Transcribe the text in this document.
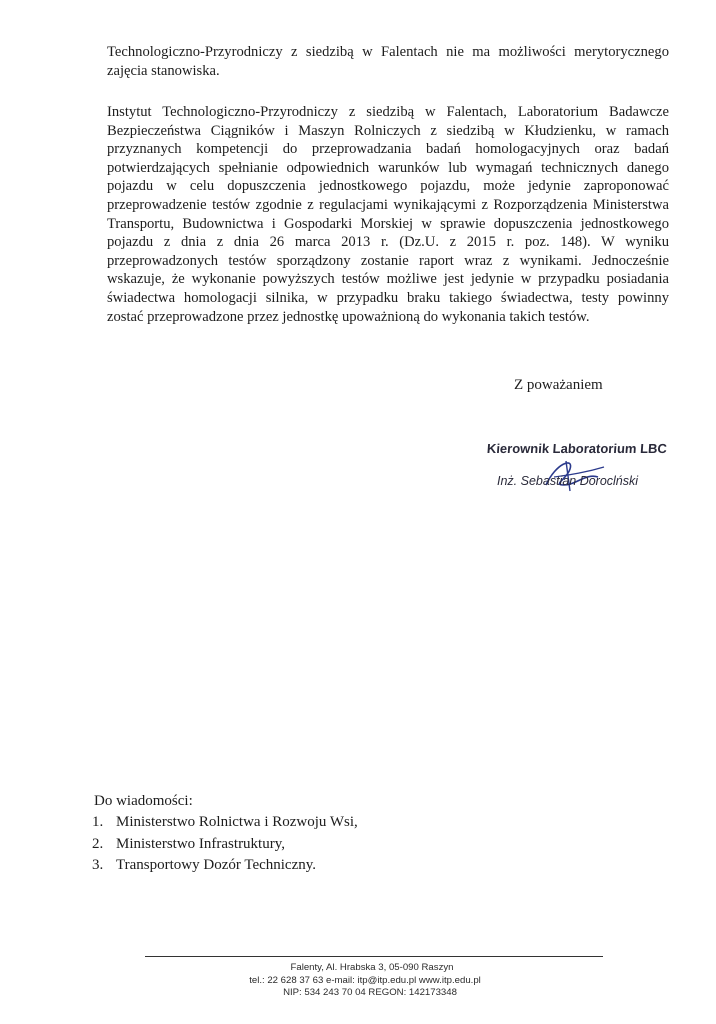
Technologiczno-Przyrodniczy z siedzibą w Falentach nie ma możliwości merytorycznego
zajęcia stanowiska.
Instytut Technologiczno-Przyrodniczy z siedzibą w Falentach, Laboratorium Badawcze
Bezpieczeństwa Ciągników i Maszyn Rolniczych z siedzibą w Kłudzienku, w ramach
przyznanych kompetencji do przeprowadzania badań homologacyjnych oraz badań
potwierdzających spełnianie odpowiednich warunków lub wymagań technicznych danego
pojazdu w celu dopuszczenia jednostkowego pojazdu, może jedynie zaproponować
przeprowadzenie testów zgodnie z regulacjami wynikającymi z Rozporządzenia Ministerstwa
Transportu, Budownictwa i Gospodarki Morskiej w sprawie dopuszczenia jednostkowego
pojazdu z dnia z dnia 26 marca 2013 r. (Dz.U. z 2015 r. poz. 148). W wyniku
przeprowadzonych testów sporządzony zostanie raport wraz z wynikami. Jednocześnie
wskazuje, że wykonanie powyższych testów możliwe jest jedynie w przypadku posiadania
świadectwa homologacji silnika, w przypadku braku takiego świadectwa, testy powinny
zostać przeprowadzone przez jednostkę upoważnioną do wykonania takich testów.
Z poważaniem
Kierownik Laboratorium LBC
Inż. Sebastian Doroclński
Do wiadomości:
1. Ministerstwo Rolnictwa i Rozwoju Wsi,
2. Ministerstwo Infrastruktury,
3. Transportowy Dozór Techniczny.
Falenty, Al. Hrabska 3, 05-090 Raszyn
tel.: 22 628 37 63 e-mail: itp@itp.edu.pl www.itp.edu.pl
NIP: 534 243 70 04 REGON: 142173348
